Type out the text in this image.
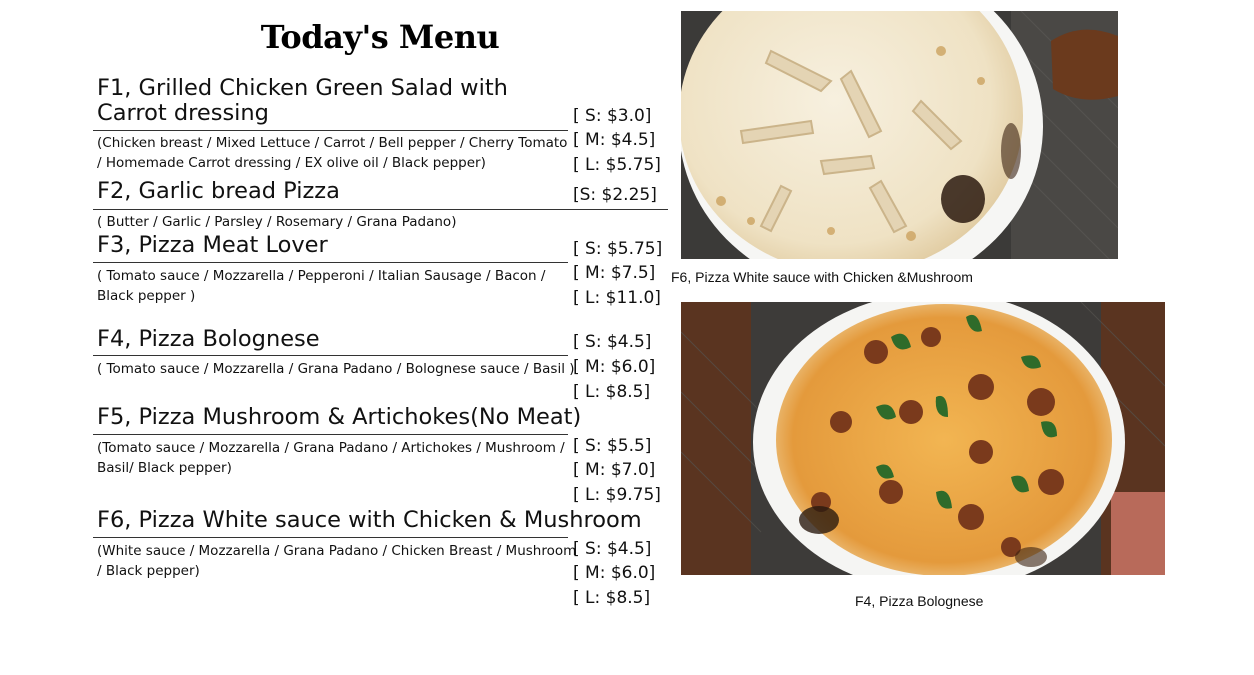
Today's Menu
F1, Grilled Chicken Green Salad with
Carrot dressing
(Chicken breast / Mixed Lettuce / Carrot / Bell pepper / Cherry Tomato
/ Homemade Carrot dressing / EX olive oil / Black pepper)
[ S: $3.0]
[ M: $4.5]
[ L: $5.75]
F2, Garlic bread Pizza
( Butter / Garlic / Parsley / Rosemary / Grana Padano)
[S: $2.25]
F3, Pizza Meat Lover
( Tomato sauce / Mozzarella / Pepperoni / Italian Sausage / Bacon /
Black pepper )
[ S: $5.75]
[ M: $7.5]
[ L: $11.0]
F4, Pizza Bolognese
( Tomato sauce / Mozzarella / Grana Padano / Bolognese sauce / Basil )
[ S: $4.5]
[ M: $6.0]
[ L: $8.5]
F5, Pizza Mushroom & Artichokes(No Meat)
(Tomato sauce / Mozzarella / Grana Padano / Artichokes / Mushroom /
Basil/ Black pepper)
[ S: $5.5]
[ M: $7.0]
[ L: $9.75]
F6, Pizza White sauce with Chicken & Mushroom
(White sauce / Mozzarella / Grana Padano / Chicken Breast / Mushroom
/ Black pepper)
[ S: $4.5]
[ M: $6.0]
[ L: $8.5]
F6, Pizza White sauce with Chicken &Mushroom
F4, Pizza Bolognese
